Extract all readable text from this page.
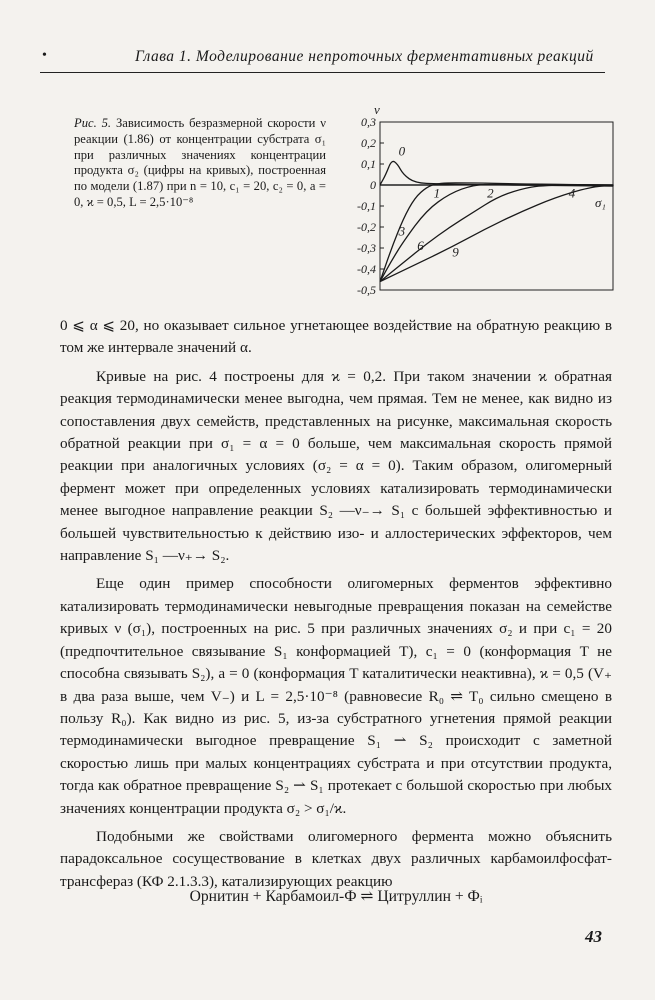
•	Глава 1. Моделирование непроточных ферментативных реакций
Рис. 5. Зависимость безразмерной скорости ν реакции (1.86) от концентрации субстрата σ₁ при различных значениях концентрации продукта σ₂ (цифры на кривых), построенная по модели (1.87) при n = 10, c₁ = 20, c₂ = 0, a = 0, ϰ = 0,5, L = 2,5·10⁻⁸
0,3
0,2
0,1
0
-0,1
-0,2
-0,3
-0,4
-0,5
ν
σ₁
0
1
3
6 9
2	4

0 ⩽ α ⩽ 20, но оказывает сильное угнетающее воздействие на обратную реакцию в том же интервале значений α.

Кривые на рис. 4 построены для ϰ = 0,2. При таком значении ϰ обратная реакция термодинамически менее выгодна, чем прямая. Тем не менее, как видно из сопоставления двух семейств, представленных на рисунке, максимальная скорость обратной реакции при σ₁ = α = 0 больше, чем максимальная скорость прямой реакции при аналогичных условиях (σ₂ = α = 0). Таким образом, олигомерный фермент может при определенных условиях катализировать термодинамически менее выгодное направление реакции S₂ —ν₋→ S₁ с большей эффективностью и большей чувствительностью к действию изо- и аллостерических эффекторов, чем направление S₁ —ν₊→ S₂.

Еще один пример способности олигомерных ферментов эффективно катализировать термодинамически невыгодные превращения показан на семействе кривых ν (σ₁), построенных на рис. 5 при различных значениях σ₂ и при c₁ = 20 (предпочтительное связывание S₁ конформацией T), c₁ = 0 (конформация T не способна связывать S₂), a = 0 (конформация T каталитически неактивна), ϰ = 0,5 (V₊ в два раза выше, чем V₋) и L = 2,5·10⁻⁸ (равновесие R₀ ⇌ T₀ сильно смещено в пользу R₀). Как видно из рис. 5, из-за субстратного угнетения прямой реакции термодинамически выгодное превращение S₁ ⇀ S₂ происходит с заметной скоростью лишь при малых концентрациях субстрата и при отсутствии продукта, тогда как обратное превращение S₂ ⇀ S₁ протекает с большой скоростью при любых значениях концентрации продукта σ₂ > σ₁/ϰ.

Подобными же свойствами олигомерного фермента можно объяснить парадоксальное сосуществование в клетках двух различных карбамоилфосфат-трансфераз (КФ 2.1.3.3), катализирующих реакцию

Орнитин + Карбамоил-Ф ⇌ Цитруллин + Фᵢ
43
